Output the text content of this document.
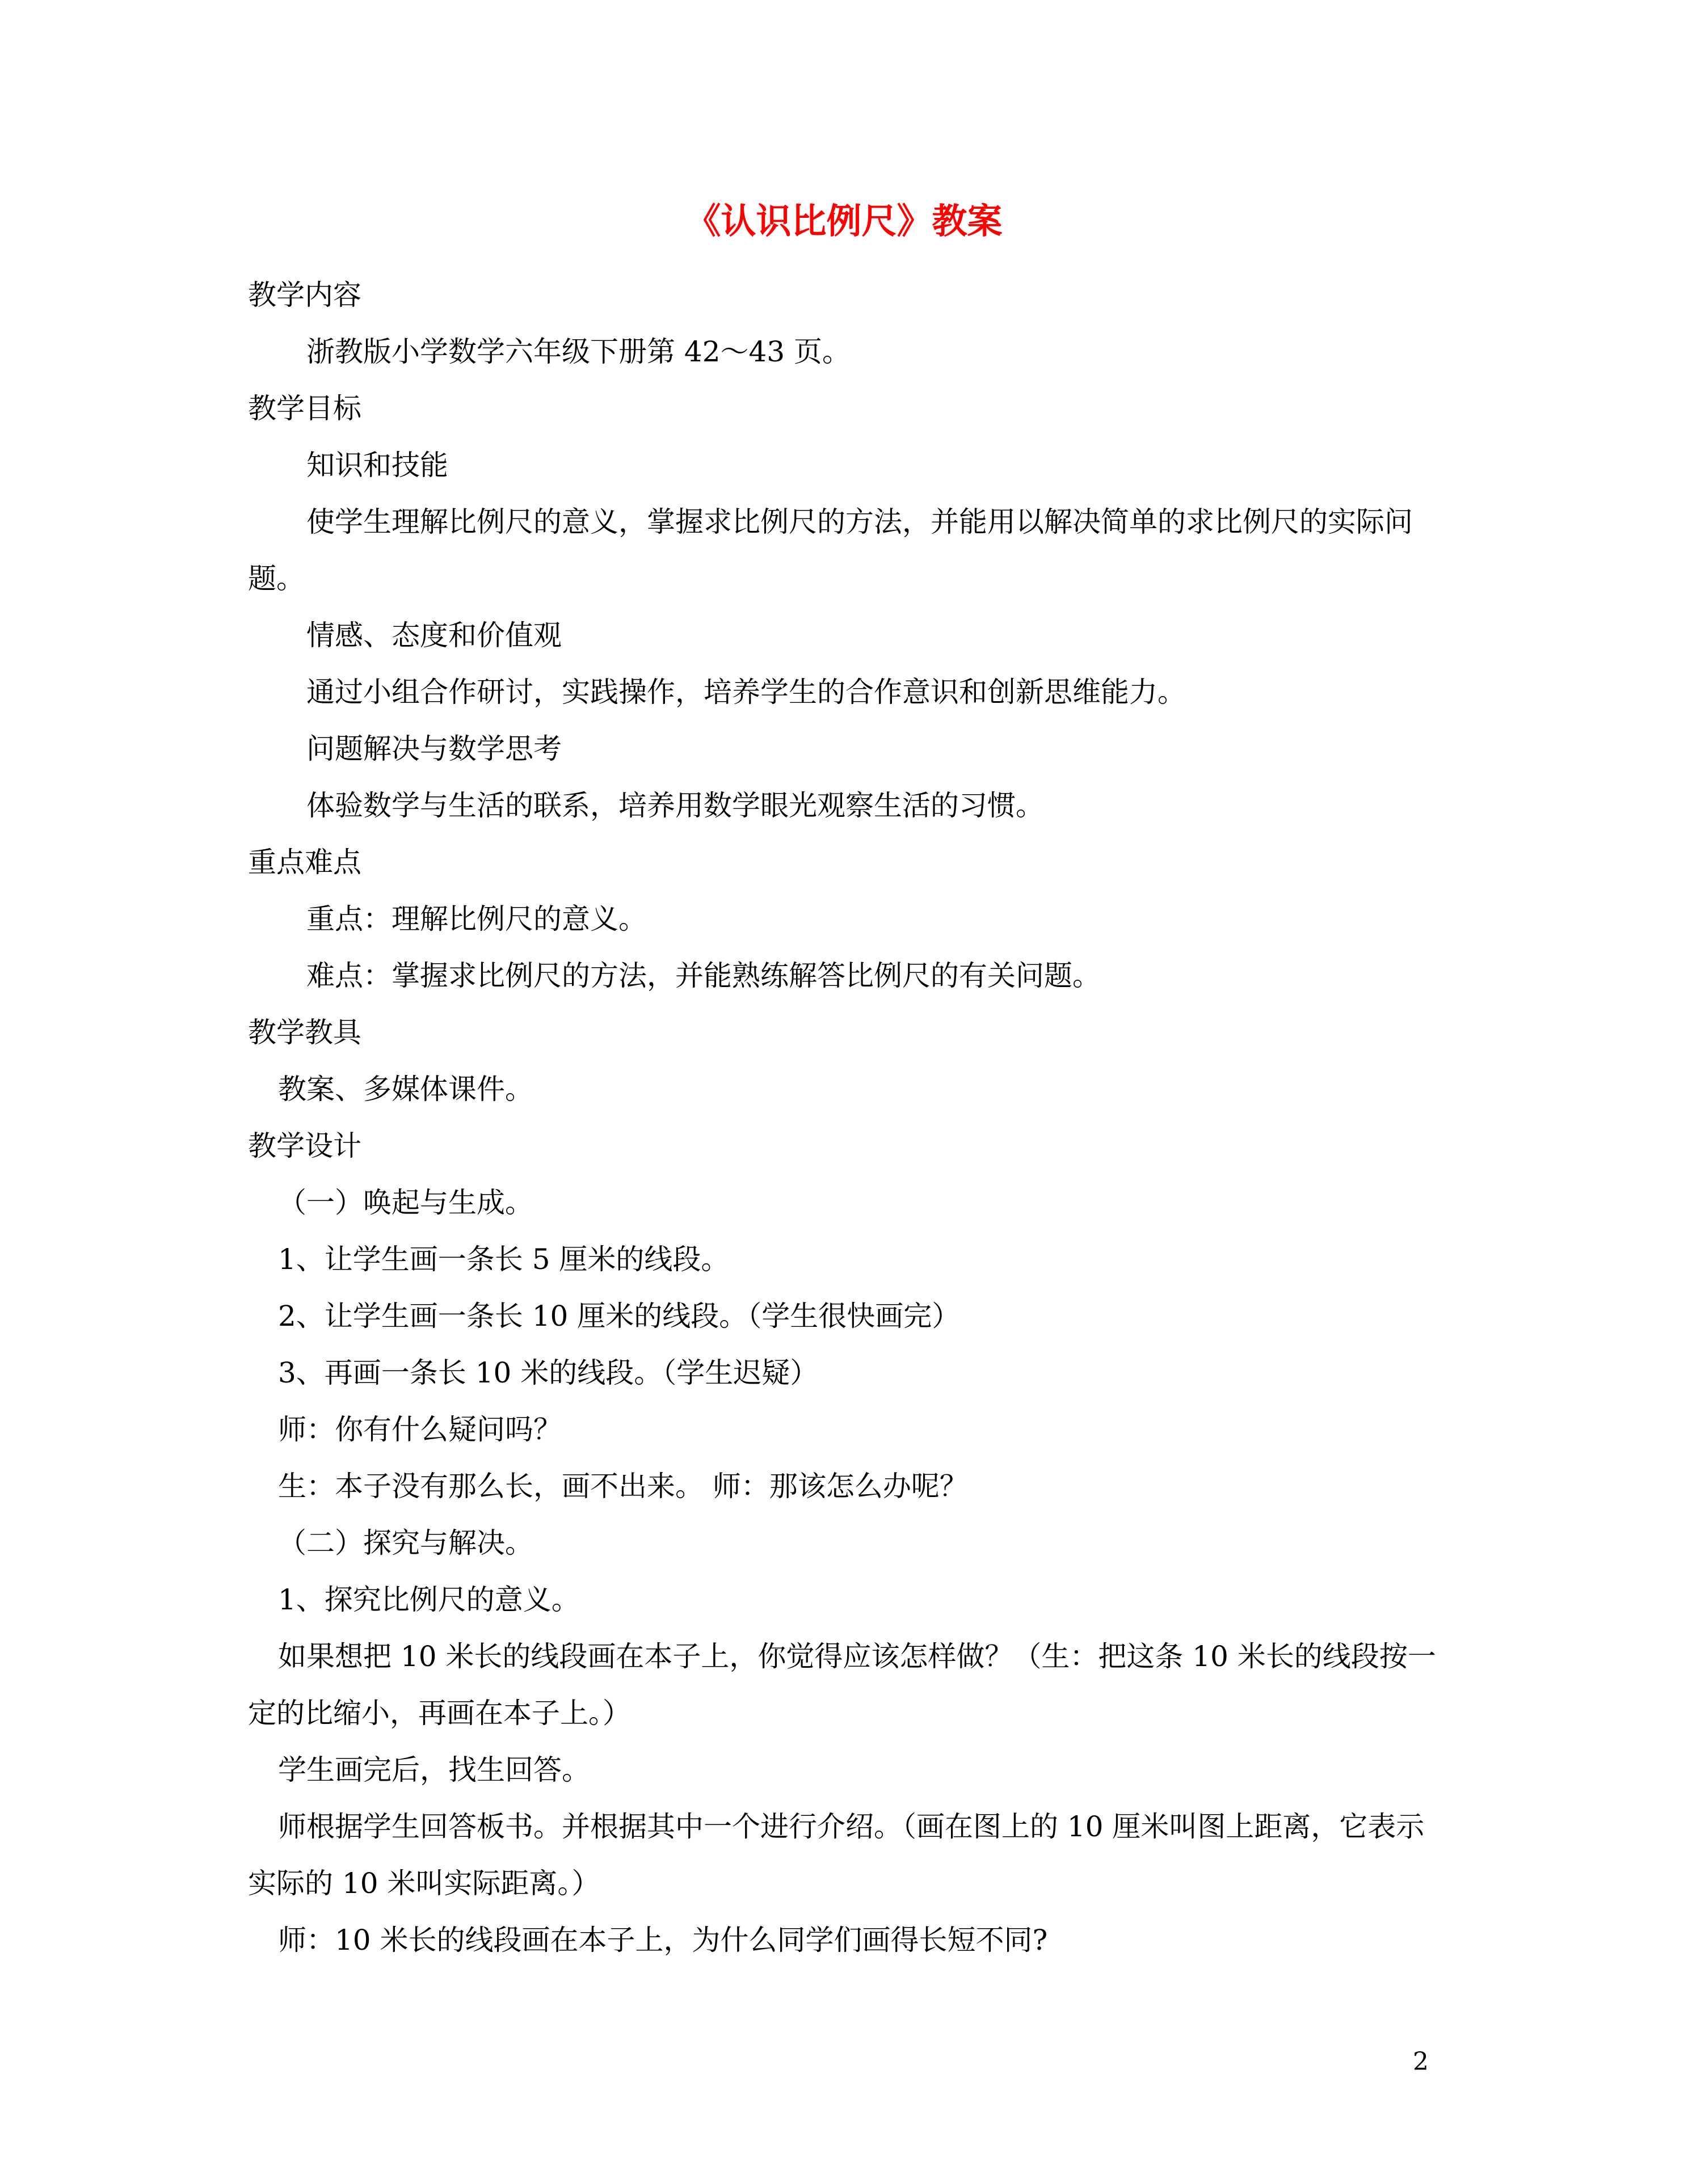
《认识比例尺》教案

教学内容

浙教版小学数学六年级下册第 42～43 页。

教学目标

知识和技能

使学生理解比例尺的意义，掌握求比例尺的方法，并能用以解决简单的求比例尺的实际问题。

情感、态度和价值观

通过小组合作研讨，实践操作，培养学生的合作意识和创新思维能力。

问题解决与数学思考

体验数学与生活的联系，培养用数学眼光观察生活的习惯。

重点难点

重点：理解比例尺的意义。

难点：掌握求比例尺的方法，并能熟练解答比例尺的有关问题。

教学教具

教案、多媒体课件。

教学设计

（一）唤起与生成。

1、让学生画一条长 5 厘米的线段。

2、让学生画一条长 10 厘米的线段。（学生很快画完）

3、再画一条长 10 米的线段。（学生迟疑）

师：你有什么疑问吗？

生：本子没有那么长，画不出来。 师：那该怎么办呢？

（二）探究与解决。

1、探究比例尺的意义。

如果想把 10 米长的线段画在本子上，你觉得应该怎样做？（生：把这条 10 米长的线段按一定的比缩小，再画在本子上。）

学生画完后，找生回答。

师根据学生回答板书。并根据其中一个进行介绍。（画在图上的 10 厘米叫图上距离，它表示实际的 10 米叫实际距离。）

师：10 米长的线段画在本子上，为什么同学们画得长短不同?

2
